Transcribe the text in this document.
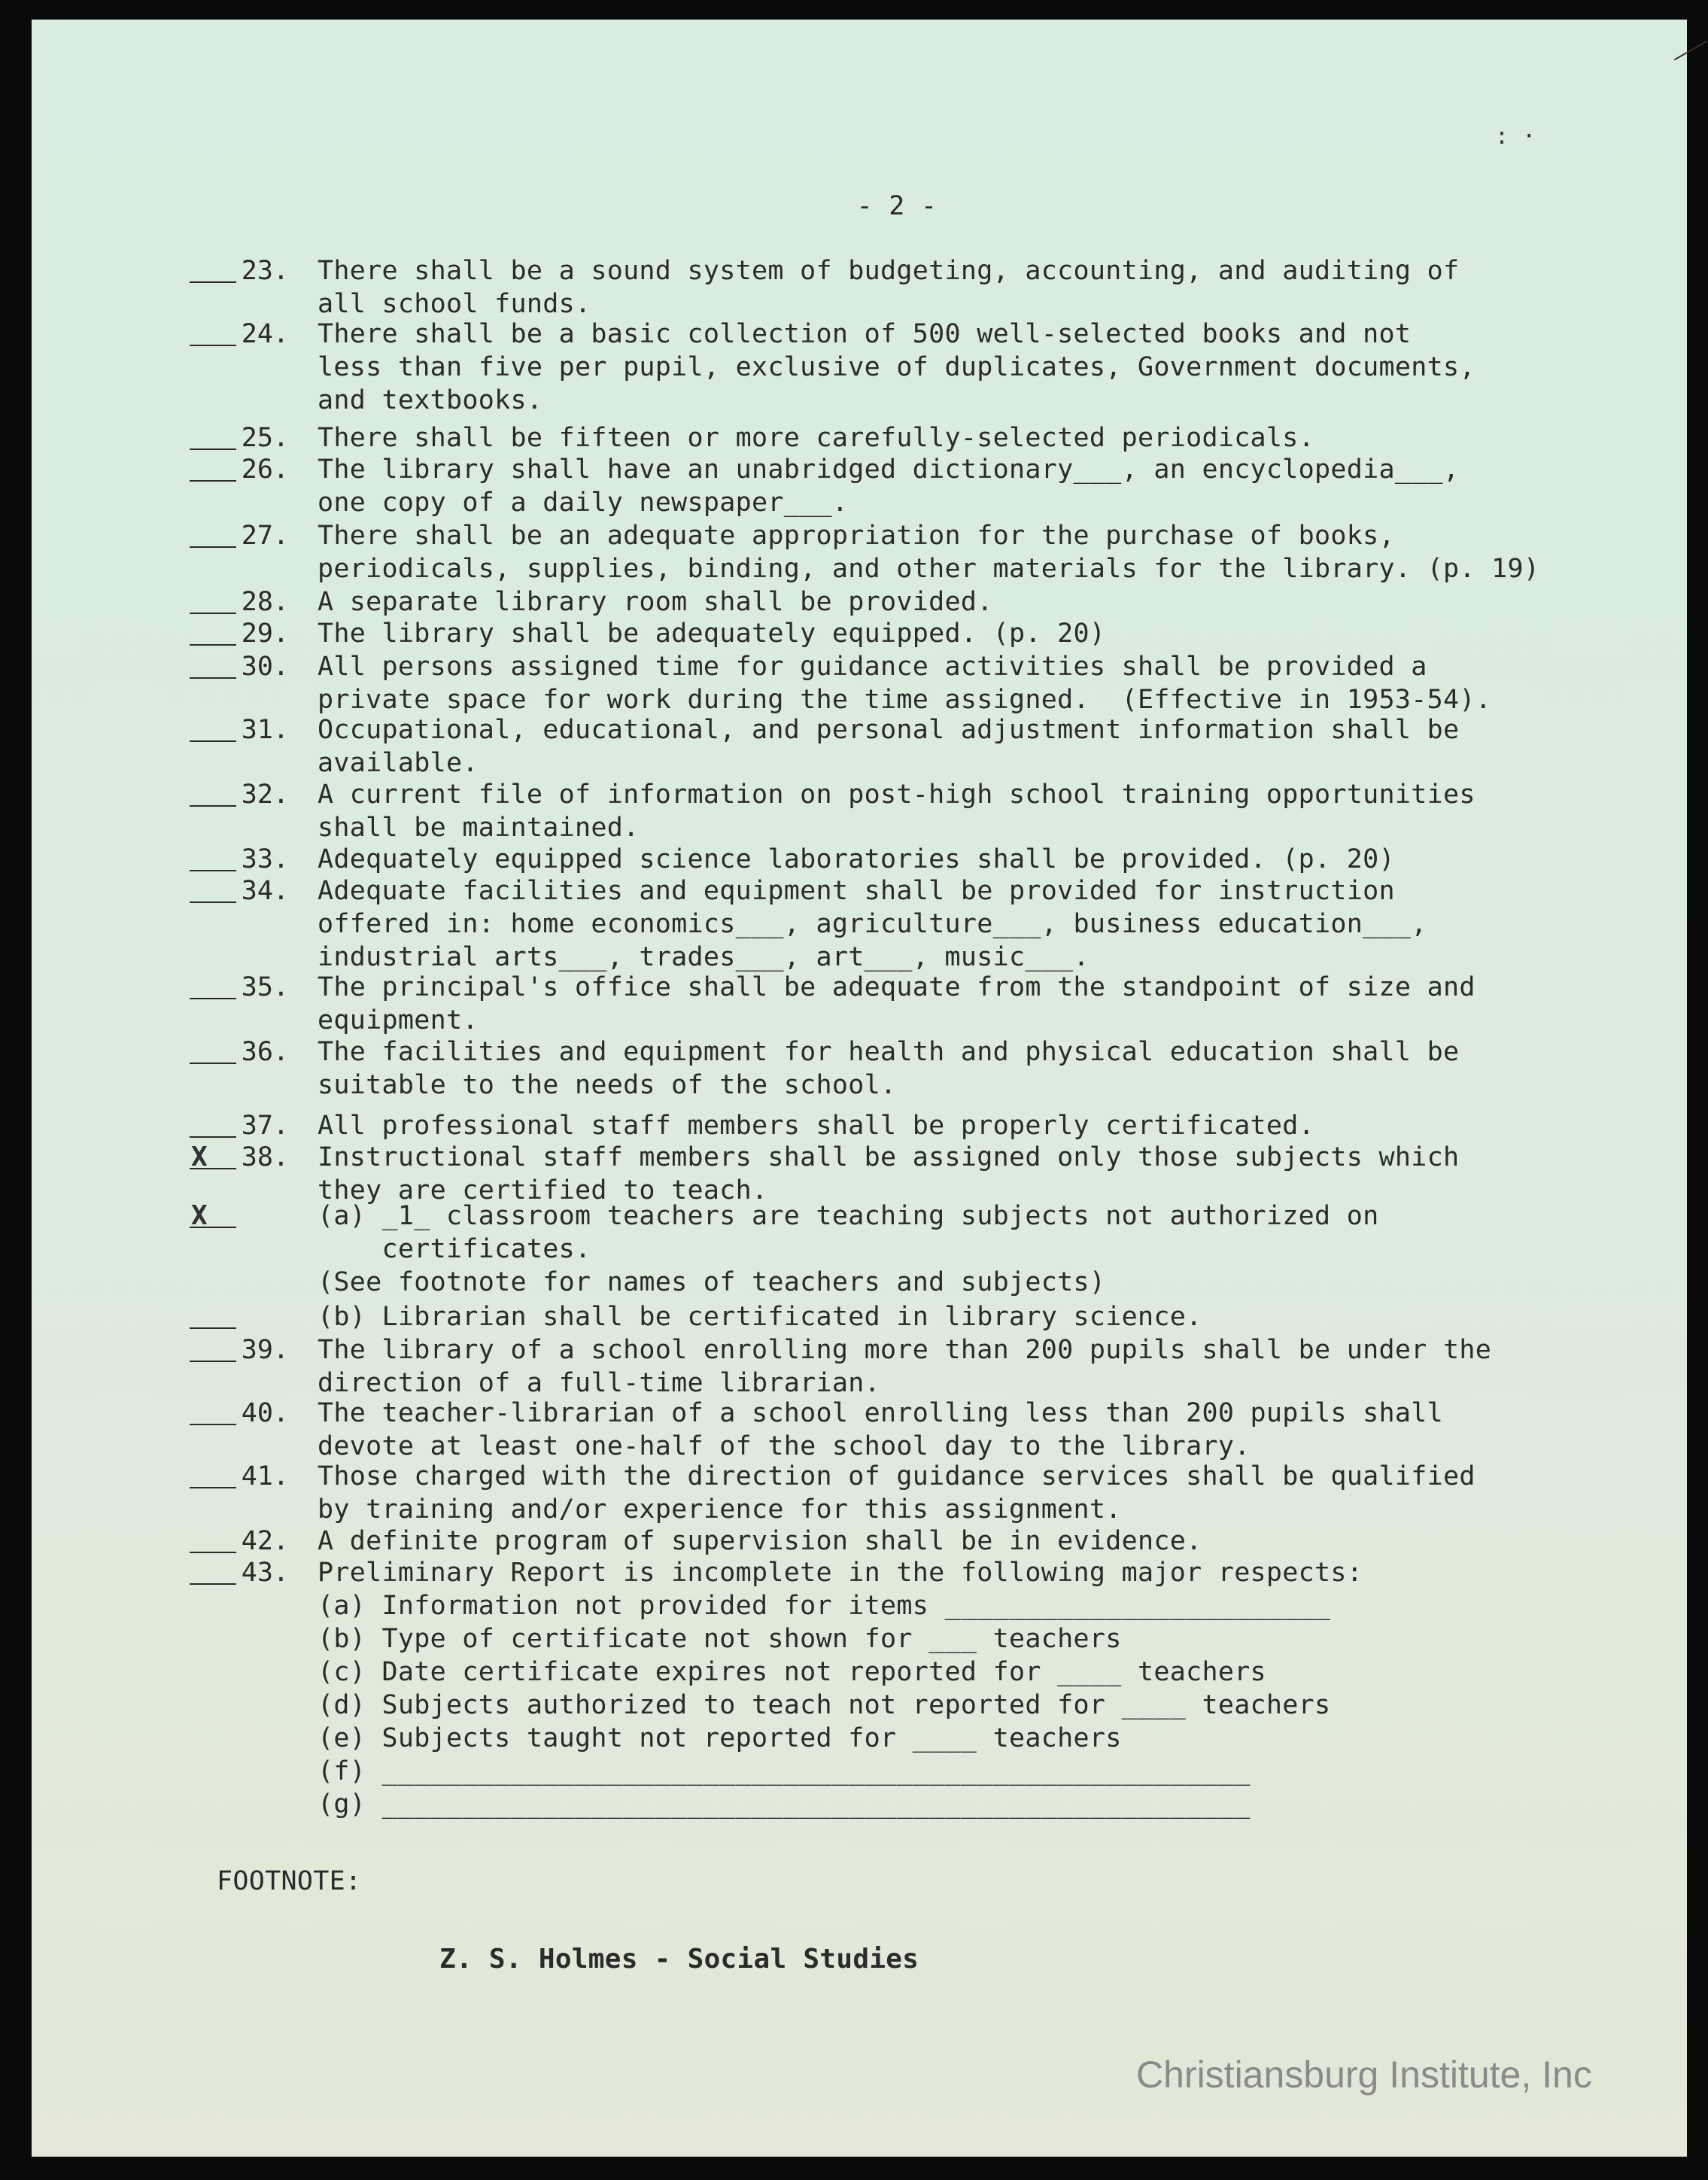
: ·
- 2 -
23. There shall be a sound system of budgeting, accounting, and auditing of
all school funds.
24. There shall be a basic collection of 500 well-selected books and not
less than five per pupil, exclusive of duplicates, Government documents,
and textbooks.
25. There shall be fifteen or more carefully-selected periodicals.
26. The library shall have an unabridged dictionary___, an encyclopedia___,
one copy of a daily newspaper___.
27. There shall be an adequate appropriation for the purchase of books,
periodicals, supplies, binding, and other materials for the library. (p. 19)
28. A separate library room shall be provided.
29. The library shall be adequately equipped. (p. 20)
30. All persons assigned time for guidance activities shall be provided a
private space for work during the time assigned.  (Effective in 1953-54).
31. Occupational, educational, and personal adjustment information shall be
available.
32. A current file of information on post-high school training opportunities
shall be maintained.
33. Adequately equipped science laboratories shall be provided. (p. 20)
34. Adequate facilities and equipment shall be provided for instruction
offered in: home economics___, agriculture___, business education___,
industrial arts___, trades___, art___, music___.
35. The principal's office shall be adequate from the standpoint of size and
equipment.
36. The facilities and equipment for health and physical education shall be
suitable to the needs of the school.
37. All professional staff members shall be properly certificated.
X	38. Instructional staff members shall be assigned only those subjects which
they are certified to teach.
X	(a) _1_ classroom teachers are teaching subjects not authorized on
certificates.
(See footnote for names of teachers and subjects)
(b) Librarian shall be certificated in library science.
39. The library of a school enrolling more than 200 pupils shall be under the
direction of a full-time librarian.
40. The teacher-librarian of a school enrolling less than 200 pupils shall
devote at least one-half of the school day to the library.
41. Those charged with the direction of guidance services shall be qualified
by training and/or experience for this assignment.
42. A definite program of supervision shall be in evidence.
43. Preliminary Report is incomplete in the following major respects:
(a) Information not provided for items ________________________
(b) Type of certificate not shown for ___ teachers
(c) Date certificate expires not reported for ____ teachers
(d) Subjects authorized to teach not reported for ____ teachers
(e) Subjects taught not reported for ____ teachers
(f) ______________________________________________________
(g) ______________________________________________________
FOOTNOTE:
Z. S. Holmes - Social Studies
Christiansburg Institute, Inc
